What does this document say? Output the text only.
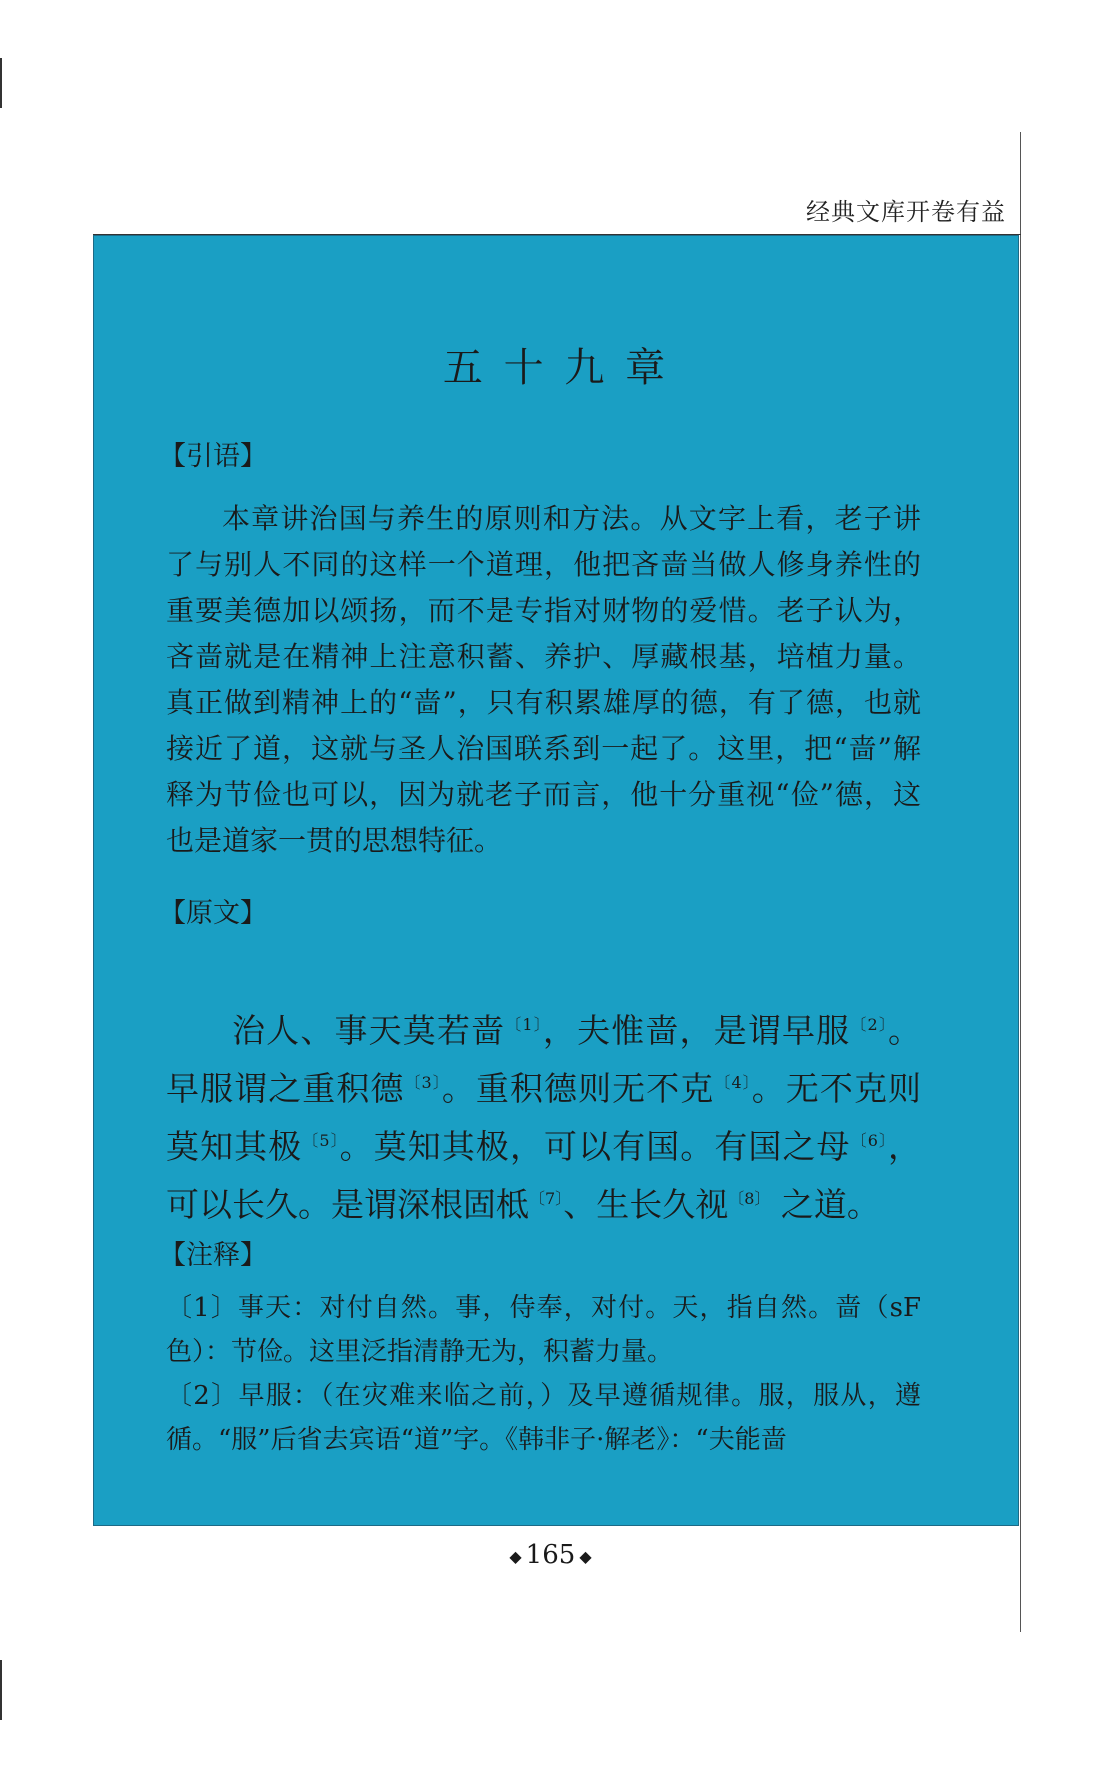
经典文库开卷有益
五 十 九 章
【引语】
本章讲治国与养生的原则和方法。从文字上看，老子讲了与别人不同的这样一个道理，他把吝啬当做人修身养性的重要美德加以颂扬，而不是专指对财物的爱惜。老子认为，吝啬就是在精神上注意积蓄、养护、厚藏根基，培植力量。真正做到精神上的“啬”，只有积累雄厚的德，有了德，也就接近了道，这就与圣人治国联系到一起了。这里，把“啬”解释为节俭也可以，因为就老子而言，他十分重视“俭”德，这也是道家一贯的思想特征。
【原文】
治人、事天莫若啬$^{〔1〕}$，夫惟啬，是谓早服$^{〔2〕}$。早服谓之重积德$^{〔3〕}$。重积德则无不克$^{〔4〕}$。无不克则莫知其极$^{〔5〕}$。莫知其极，可以有国。有国之母$^{〔6〕}$，可以长久。是谓深根固柢$^{〔7〕}$、生长久视$^{〔8〕}$ 之道。
【注释】
〔1〕事天：对付自然。事，侍奉，对付。天，指自然。啬（sF色）：节俭。这里泛指清静无为，积蓄力量。
〔2〕早服：（在灾难来临之前，）及早遵循规律。服，服从，遵循。“服”后省去宾语“道”字。《韩非子·解老》：“夫能啬
◆ 165 ◆
